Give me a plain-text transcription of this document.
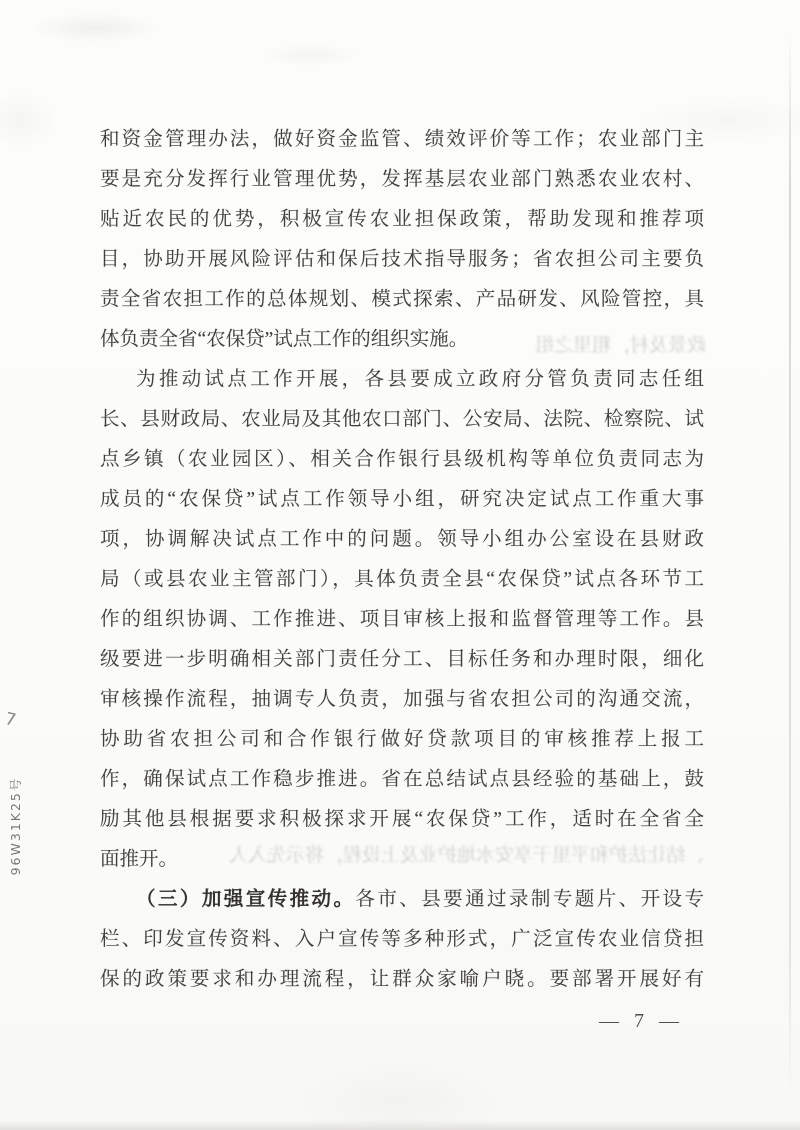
和资金管理办法，做好资金监管、绩效评价等工作；农业部门主
要是充分发挥行业管理优势，发挥基层农业部门熟悉农业农村、
贴近农民的优势，积极宣传农业担保政策，帮助发现和推荐项
目，协助开展风险评估和保后技术指导服务；省农担公司主要负
责全省农担工作的总体规划、模式探索、产品研发、风险管控，具
体负责全省“农保贷”试点工作的组织实施。
为推动试点工作开展，各县要成立政府分管负责同志任组
长、县财政局、农业局及其他农口部门、公安局、法院、检察院、试
点乡镇（农业园区）、相关合作银行县级机构等单位负责同志为
成员的“农保贷”试点工作领导小组，研究决定试点工作重大事
项，协调解决试点工作中的问题。领导小组办公室设在县财政
局（或县农业主管部门），具体负责全县“农保贷”试点各环节工
作的组织协调、工作推进、项目审核上报和监督管理等工作。县
级要进一步明确相关部门责任分工、目标任务和办理时限，细化
审核操作流程，抽调专人负责，加强与省农担公司的沟通交流，
协助省农担公司和合作银行做好贷款项目的审核推荐上报工
作，确保试点工作稳步推进。省在总结试点县经验的基础上，鼓
励其他县根据要求积极探求开展“农保贷”工作，适时在全省全
面推开。
（三）加强宣传推动。各市、县要通过录制专题片、开设专
栏、印发宣传资料、入户宣传等多种形式，广泛宣传农业信贷担
保的政策要求和办理流程，让群众家喻户晓。要部署开展好有
政景及村，粗里之组
、结让法护和平里干享安水地护业及上设程，将示先入人
— 7 —
7
96W31K25号
